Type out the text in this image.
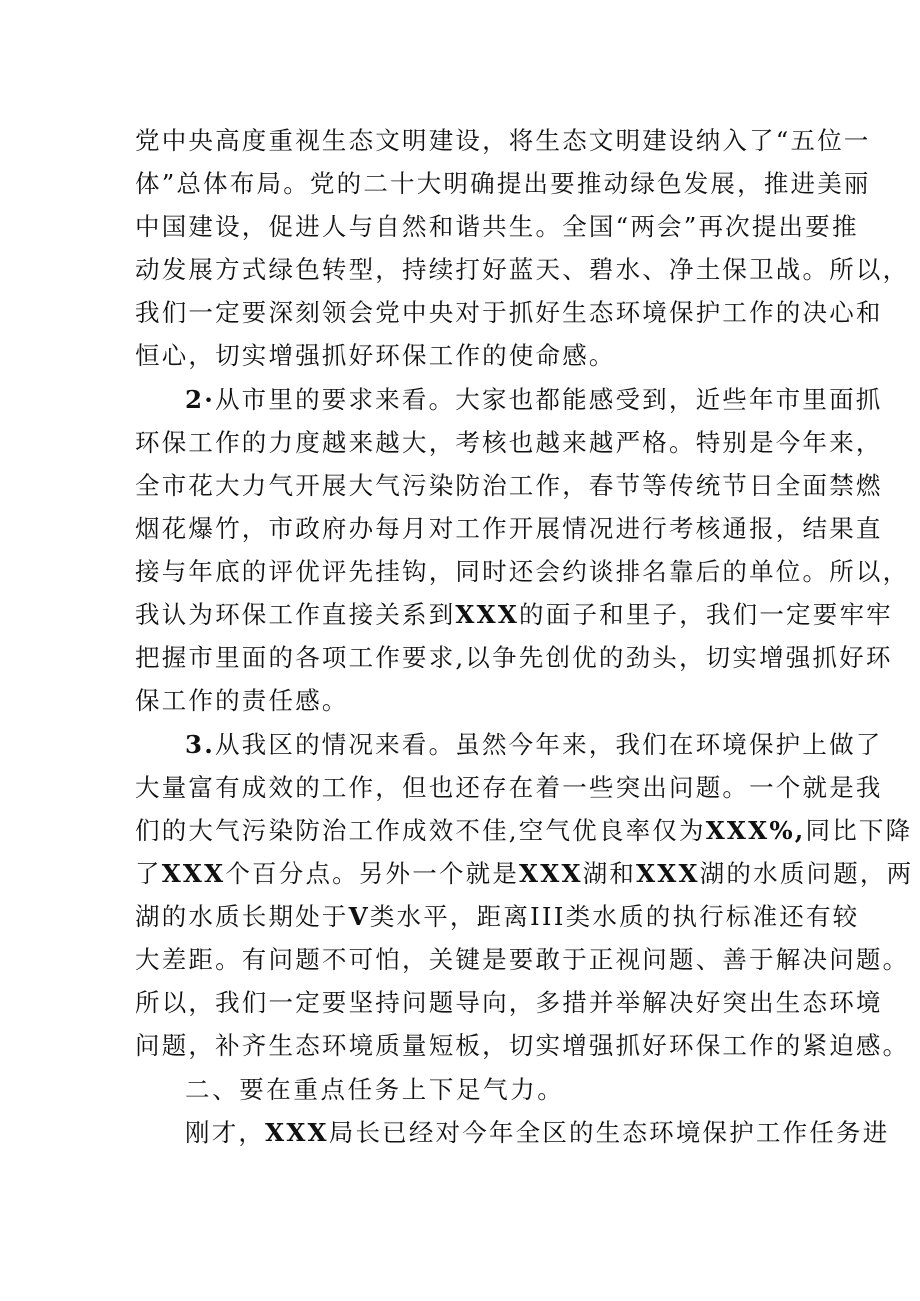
党中央高度重视生态文明建设，将生态文明建设纳入了“五位一
体”总体布局。党的二十大明确提出要推动绿色发展，推进美丽
中国建设，促进人与自然和谐共生。全国“两会”再次提出要推
动发展方式绿色转型，持续打好蓝天、碧水、净土保卫战。所以，
我们一定要深刻领会党中央对于抓好生态环境保护工作的决心和
恒心，切实增强抓好环保工作的使命感。
2·从市里的要求来看。大家也都能感受到，近些年市里面抓
环保工作的力度越来越大，考核也越来越严格。特别是今年来，
全市花大力气开展大气污染防治工作，春节等传统节日全面禁燃
烟花爆竹，市政府办每月对工作开展情况进行考核通报，结果直
接与年底的评优评先挂钩，同时还会约谈排名靠后的单位。所以，
我认为环保工作直接关系到XXX的面子和里子，我们一定要牢牢
把握市里面的各项工作要求,以争先创优的劲头，切实增强抓好环
保工作的责任感。
3.从我区的情况来看。虽然今年来，我们在环境保护上做了
大量富有成效的工作，但也还存在着一些突出问题。一个就是我
们的大气污染防治工作成效不佳,空气优良率仅为XXX%,同比下降
了XXX个百分点。另外一个就是XXX湖和XXX湖的水质问题，两
湖的水质长期处于V类水平，距离III类水质的执行标准还有较
大差距。有问题不可怕，关键是要敢于正视问题、善于解决问题。
所以，我们一定要坚持问题导向，多措并举解决好突出生态环境
问题，补齐生态环境质量短板，切实增强抓好环保工作的紧迫感。
二、要在重点任务上下足气力。
刚才，XXX局长已经对今年全区的生态环境保护工作任务进
